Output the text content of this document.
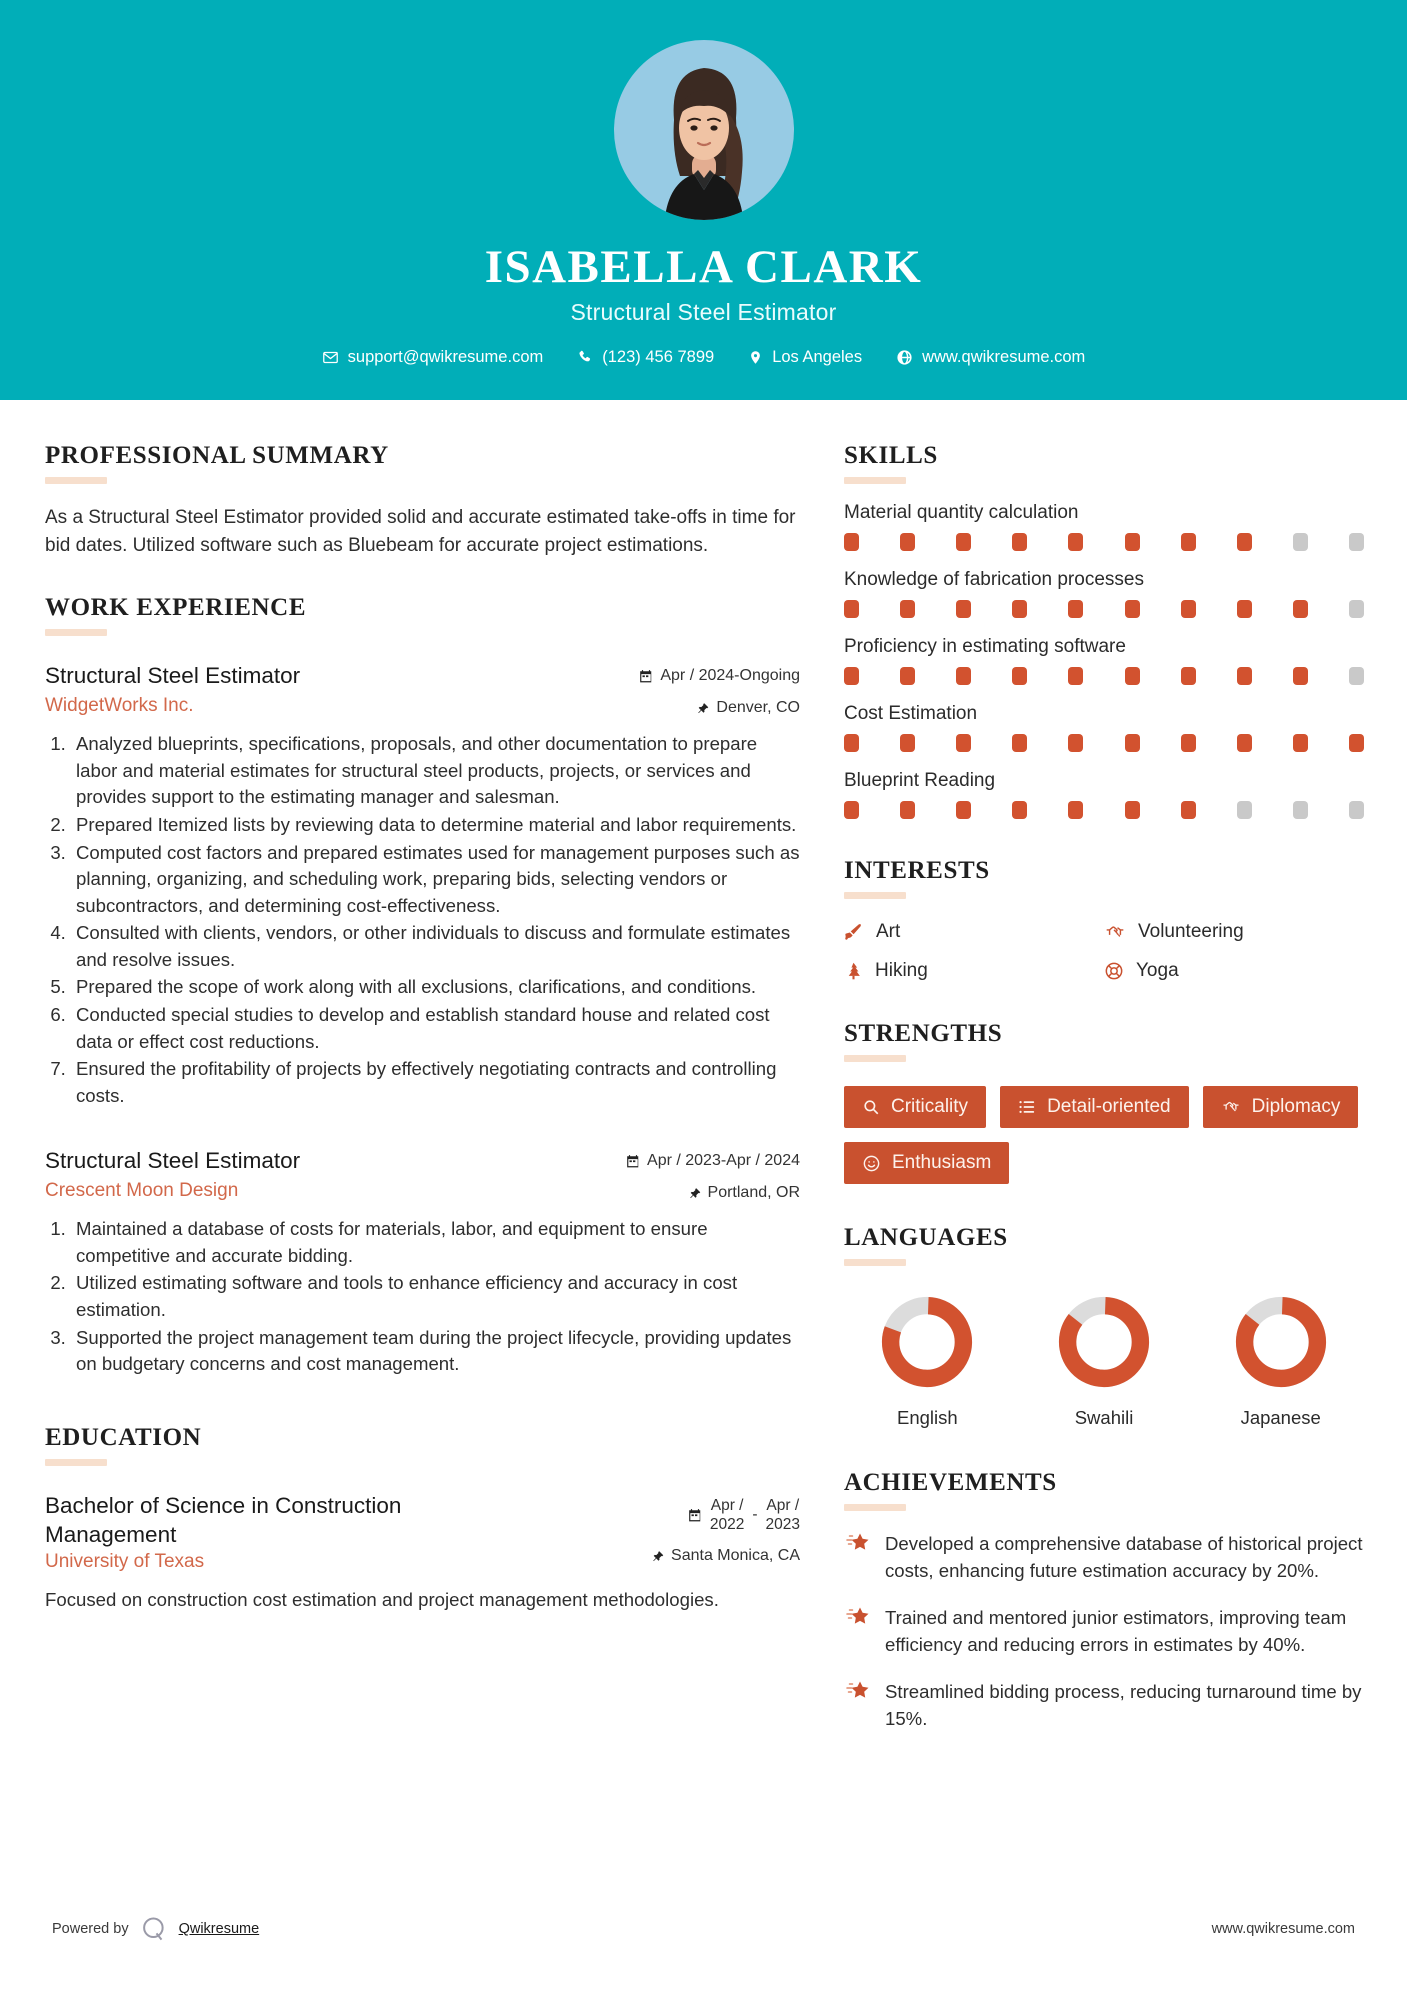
ISABELLA CLARK
Structural Steel Estimator
support@qwikresume.com	(123) 456 7899	Los Angeles	www.qwikresume.com
PROFESSIONAL SUMMARY

As a Structural Steel Estimator provided solid and accurate estimated take-offs in time for bid dates. Utilized software such as Bluebeam for accurate project estimations.

WORK EXPERIENCE
Structural Steel Estimator
WidgetWorks Inc.
Apr / 2024-Ongoing
Denver, CO
1. Analyzed blueprints, specifications, proposals, and other documentation to prepare labor and material estimates for structural steel products, projects, or services and provides support to the estimating manager and salesman.
2. Prepared Itemized lists by reviewing data to determine material and labor requirements.
3. Computed cost factors and prepared estimates used for management purposes such as planning, organizing, and scheduling work, preparing bids, selecting vendors or subcontractors, and determining cost-effectiveness.
4. Consulted with clients, vendors, or other individuals to discuss and formulate estimates and resolve issues.
5. Prepared the scope of work along with all exclusions, clarifications, and conditions.
6. Conducted special studies to develop and establish standard house and related cost data or effect cost reductions.
7. Ensured the profitability of projects by effectively negotiating contracts and controlling costs.
Structural Steel Estimator
Crescent Moon Design
Apr / 2023-Apr / 2024
Portland, OR
1. Maintained a database of costs for materials, labor, and equipment to ensure competitive and accurate bidding.
2. Utilized estimating software and tools to enhance efficiency and accuracy in cost estimation.
3. Supported the project management team during the project lifecycle, providing updates on budgetary concerns and cost management.
EDUCATION
Bachelor of Science in Construction Management
Apr /
2022
-
Apr /
2023
University of Texas	Santa Monica, CA

Focused on construction cost estimation and project management methodologies.

SKILLS
Material quantity calculation
Knowledge of fabrication processes
Proficiency in estimating software
Cost Estimation
Blueprint Reading
INTERESTS
Art	Volunteering
Hiking	Yoga
STRENGTHS
Criticality	Detail-oriented	Diplomacy
Enthusiasm
LANGUAGES
English	Swahili	Japanese
ACHIEVEMENTS
Developed a comprehensive database of historical project costs, enhancing future estimation accuracy by 20%.
Trained and mentored junior estimators, improving team efficiency and reducing errors in estimates by 40%.
Streamlined bidding process, reducing turnaround time by 15%.
Powered by	Qwikresume	www.qwikresume.com
